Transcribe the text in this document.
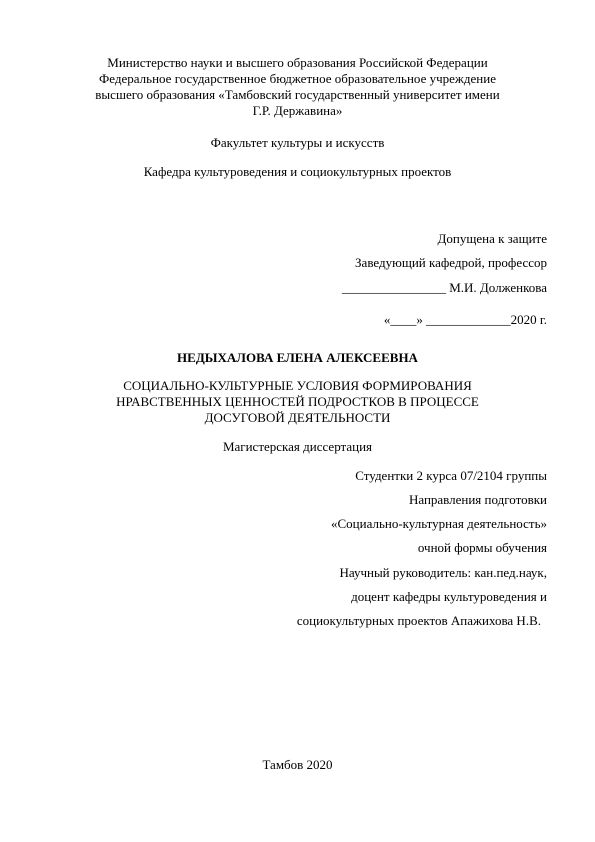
Министерство науки и высшего образования Российской Федерации
Федеральное государственное бюджетное образовательное учреждение
высшего образования «Тамбовский государственный университет имени
Г.Р. Державина»
Факультет культуры и искусств
Кафедра культуроведения и социокультурных проектов
Допущена к защите
Заведующий кафедрой, профессор
________________ М.И. Долженкова
«____» _____________2020 г.
НЕДЫХАЛОВА ЕЛЕНА АЛЕКСЕЕВНА
СОЦИАЛЬНО-КУЛЬТУРНЫЕ УСЛОВИЯ ФОРМИРОВАНИЯ
НРАВСТВЕННЫХ ЦЕННОСТЕЙ ПОДРОСТКОВ В ПРОЦЕССЕ
ДОСУГОВОЙ ДЕЯТЕЛЬНОСТИ
Магистерская диссертация
Студентки 2 курса 07/2104 группы
Направления подготовки
«Социально-культурная деятельность»
очной формы обучения
Научный руководитель: кан.пед.наук,
доцент кафедры культуроведения и
социокультурных проектов Апажихова Н.В.
Тамбов 2020
